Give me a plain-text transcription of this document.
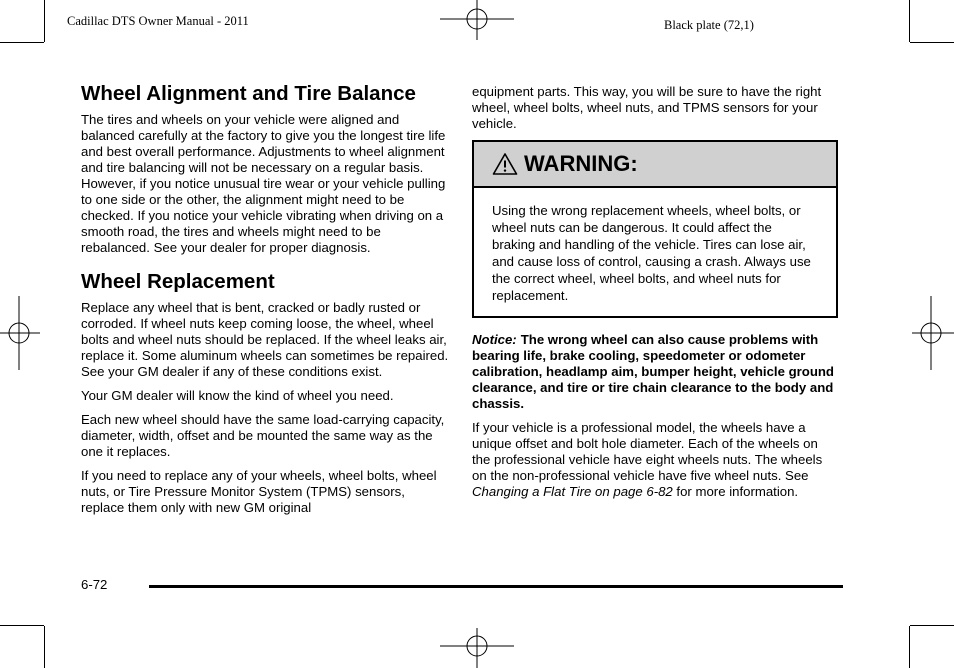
Cadillac DTS Owner Manual - 2011	Black plate (72,1)
Wheel Alignment and Tire Balance

The tires and wheels on your vehicle were aligned and balanced carefully at the factory to give you the longest tire life and best overall performance. Adjustments to wheel alignment and tire balancing will not be necessary on a regular basis. However, if you notice unusual tire wear or your vehicle pulling to one side or the other, the alignment might need to be checked. If you notice your vehicle vibrating when driving on a smooth road, the tires and wheels might need to be rebalanced. See your dealer for proper diagnosis.

Wheel Replacement

Replace any wheel that is bent, cracked or badly rusted or corroded. If wheel nuts keep coming loose, the wheel, wheel bolts and wheel nuts should be replaced. If the wheel leaks air, replace it. Some aluminum wheels can sometimes be repaired. See your GM dealer if any of these conditions exist.

Your GM dealer will know the kind of wheel you need.

Each new wheel should have the same load-carrying capacity, diameter, width, offset and be mounted the same way as the one it replaces.

If you need to replace any of your wheels, wheel bolts, wheel nuts, or Tire Pressure Monitor System (TPMS) sensors, replace them only with new GM original

equipment parts. This way, you will be sure to have the right wheel, wheel bolts, wheel nuts, and TPMS sensors for your vehicle.

WARNING:
Using the wrong replacement wheels, wheel bolts, or wheel nuts can be dangerous. It could affect the braking and handling of the vehicle. Tires can lose air, and cause loss of control, causing a crash. Always use the correct wheel, wheel bolts, and wheel nuts for replacement.

Notice: The wrong wheel can also cause problems with bearing life, brake cooling, speedometer or odometer calibration, headlamp aim, bumper height, vehicle ground clearance, and tire or tire chain clearance to the body and chassis.

If your vehicle is a professional model, the wheels have a unique offset and bolt hole diameter. Each of the wheels on the professional vehicle have eight wheels nuts. The wheels on the non-professional vehicle have five wheel nuts. See Changing a Flat Tire on page 6-82 for more information.

6-72
